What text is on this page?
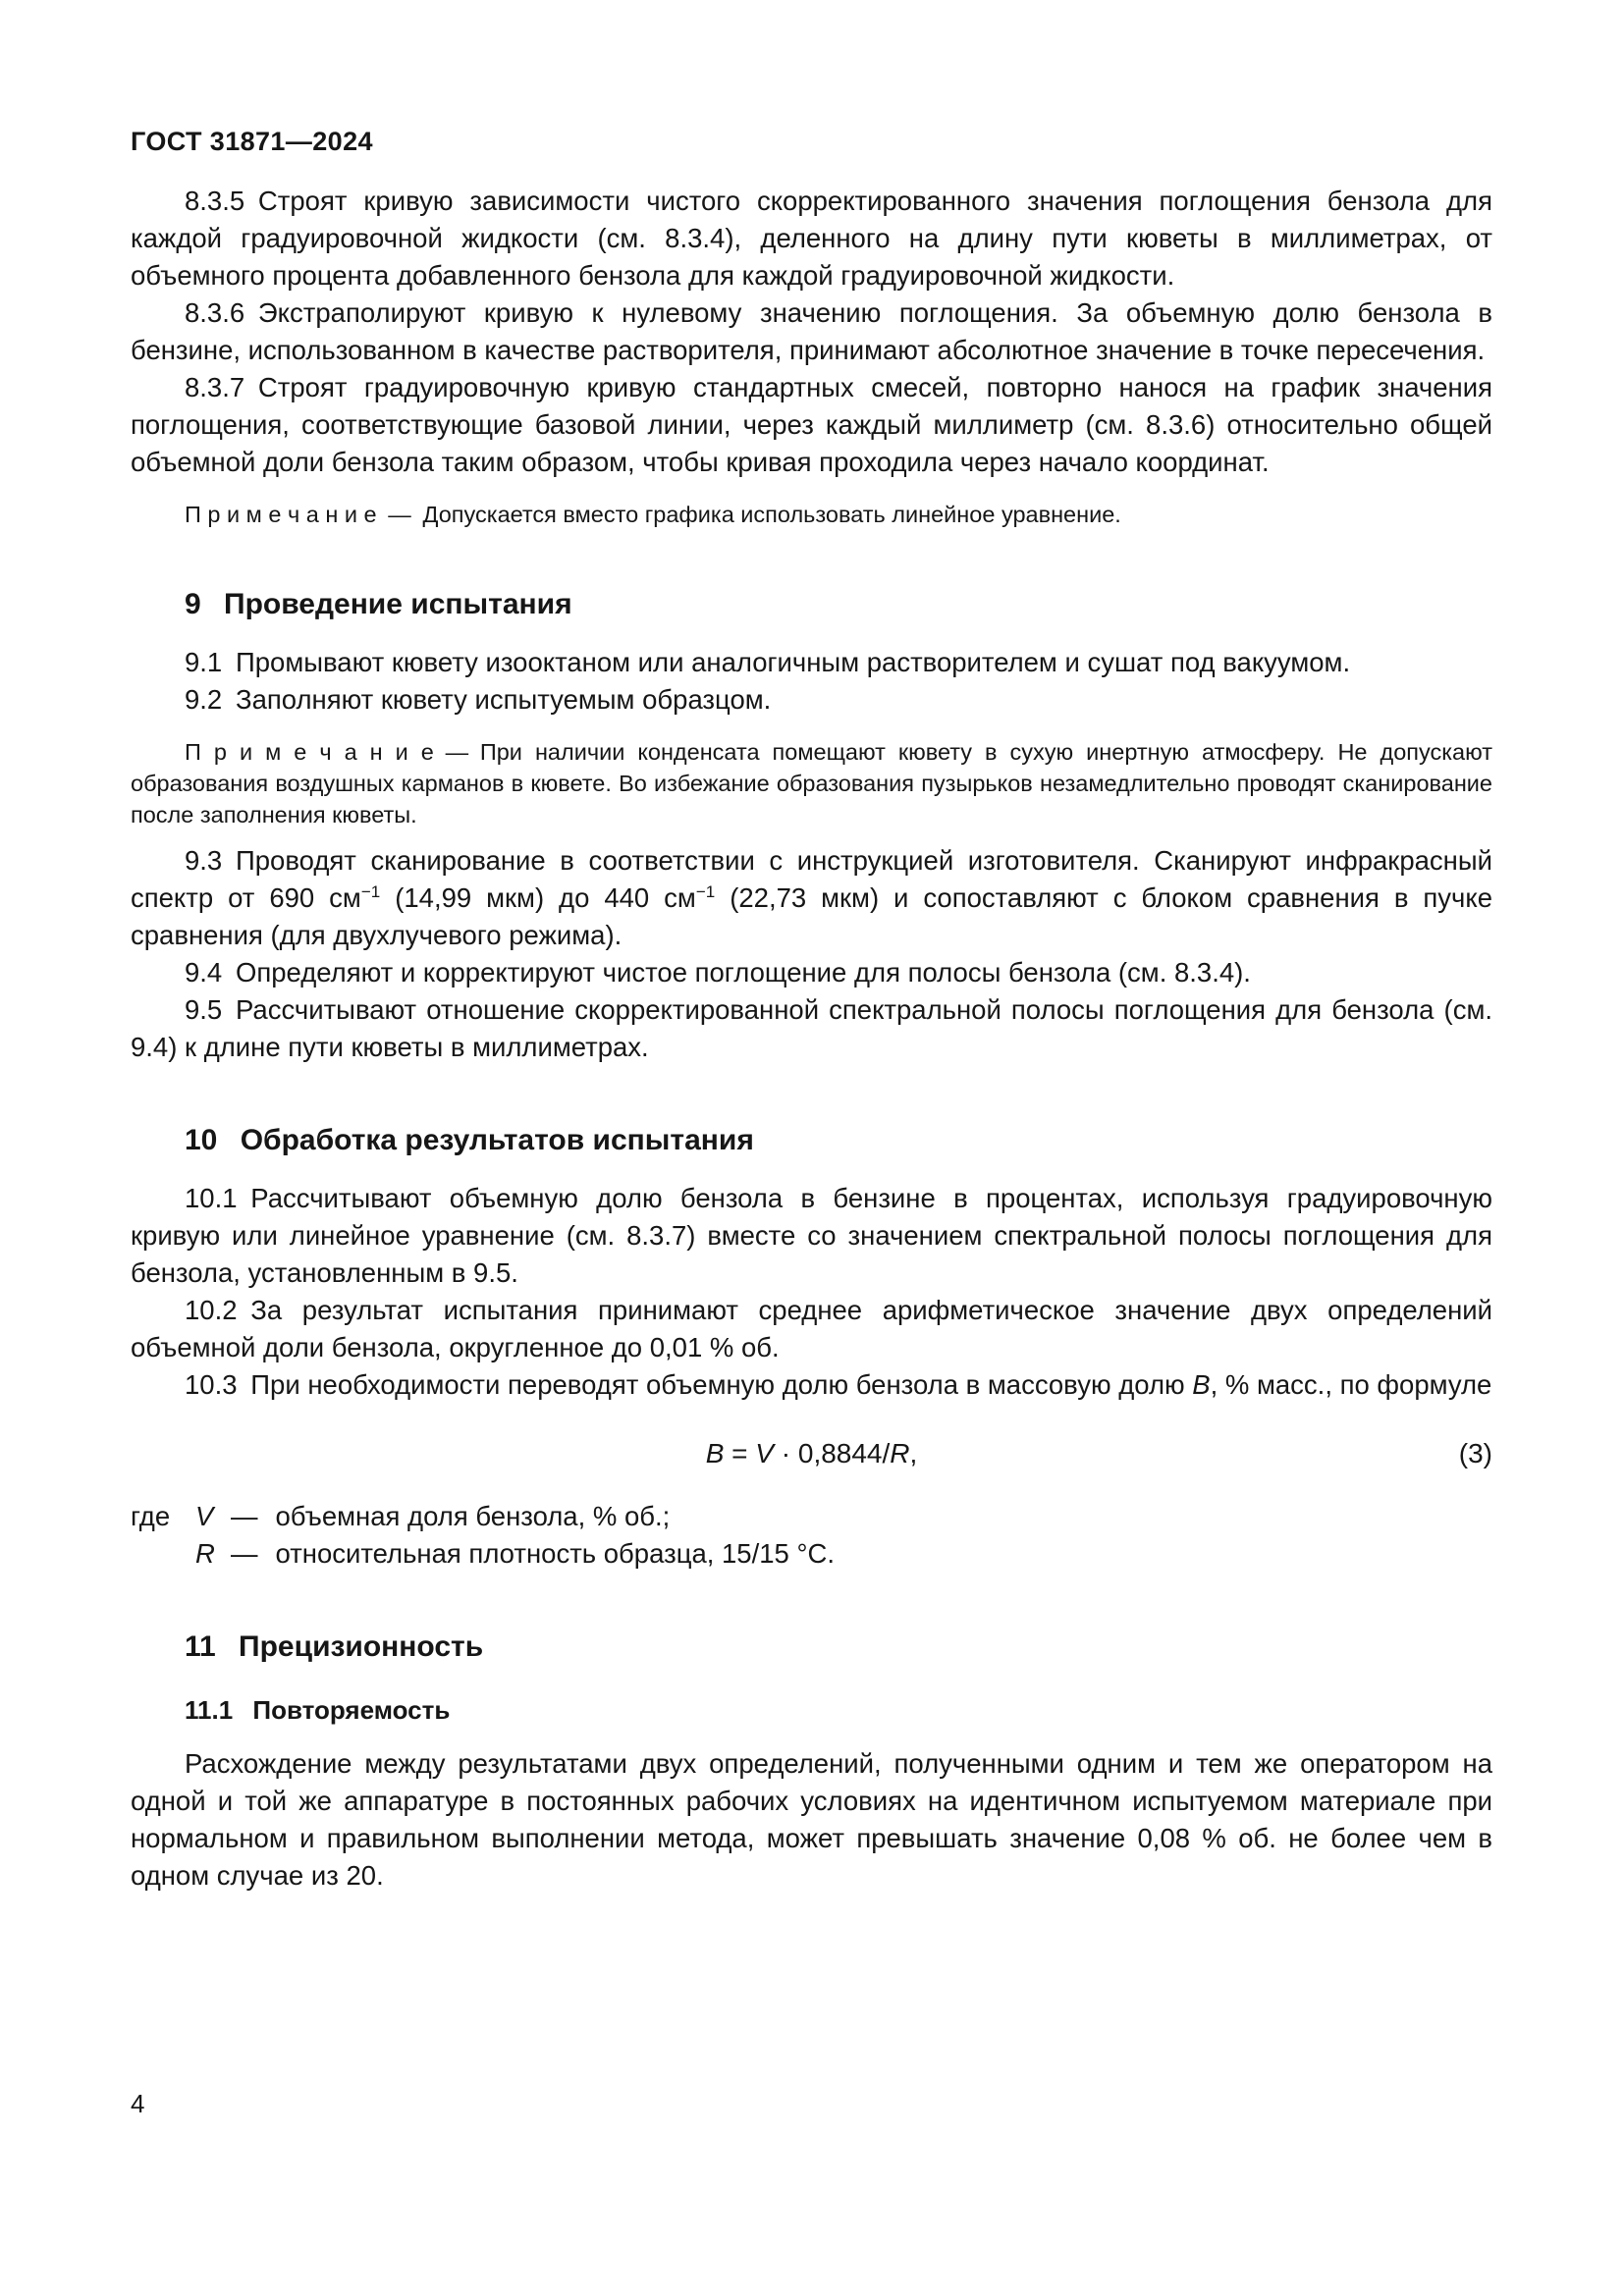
ГОСТ 31871—2024

8.3.5 Строят кривую зависимости чистого скорректированного значения поглощения бензола для каждой градуировочной жидкости (см. 8.3.4), деленного на длину пути кюветы в миллиметрах, от объемного процента добавленного бензола для каждой градуировочной жидкости.

8.3.6 Экстраполируют кривую к нулевому значению поглощения. За объемную долю бензола в бензине, использованном в качестве растворителя, принимают абсолютное значение в точке пересечения.

8.3.7 Строят градуировочную кривую стандартных смесей, повторно нанося на график значения поглощения, соответствующие базовой линии, через каждый миллиметр (см. 8.3.6) относительно общей объемной доли бензола таким образом, чтобы кривая проходила через начало координат.

П р и м е ч а н и е — Допускается вместо графика использовать линейное уравнение.

9  Проведение испытания

9.1 Промывают кювету изооктаном или аналогичным растворителем и сушат под вакуумом.

9.2 Заполняют кювету испытуемым образцом.

П р и м е ч а н и е — При наличии конденсата помещают кювету в сухую инертную атмосферу. Не допускают образования воздушных карманов в кювете. Во избежание образования пузырьков незамедлительно проводят сканирование после заполнения кюветы.

9.3 Проводят сканирование в соответствии с инструкцией изготовителя. Сканируют инфракрасный спектр от 690 $см^{-1}$ (14,99 мкм) до 440 $см^{-1}$ (22,73 мкм) и сопоставляют с блоком сравнения в пучке сравнения (для двухлучевого режима).

9.4 Определяют и корректируют чистое поглощение для полосы бензола (см. 8.3.4).

9.5 Рассчитывают отношение скорректированной спектральной полосы поглощения для бензола (см. 9.4) к длине пути кюветы в миллиметрах.

10  Обработка результатов испытания

10.1 Рассчитывают объемную долю бензола в бензине в процентах, используя градуировочную кривую или линейное уравнение (см. 8.3.7) вместе со значением спектральной полосы поглощения для бензола, установленным в 9.5.

10.2 За результат испытания принимают среднее арифметическое значение двух определений объемной доли бензола, округленное до 0,01 % об.

10.3 При необходимости переводят объемную долю бензола в массовую долю B, % масс., по формуле

B = V · 0,8844/R,	(3)
где V — объемная доля бензола, % об.;
R — относительная плотность образца, 15/15 °C.
11  Прецизионность
11.1  Повторяемость

Расхождение между результатами двух определений, полученными одним и тем же оператором на одной и той же аппаратуре в постоянных рабочих условиях на идентичном испытуемом материале при нормальном и правильном выполнении метода, может превышать значение 0,08 % об. не более чем в одном случае из 20.

4
